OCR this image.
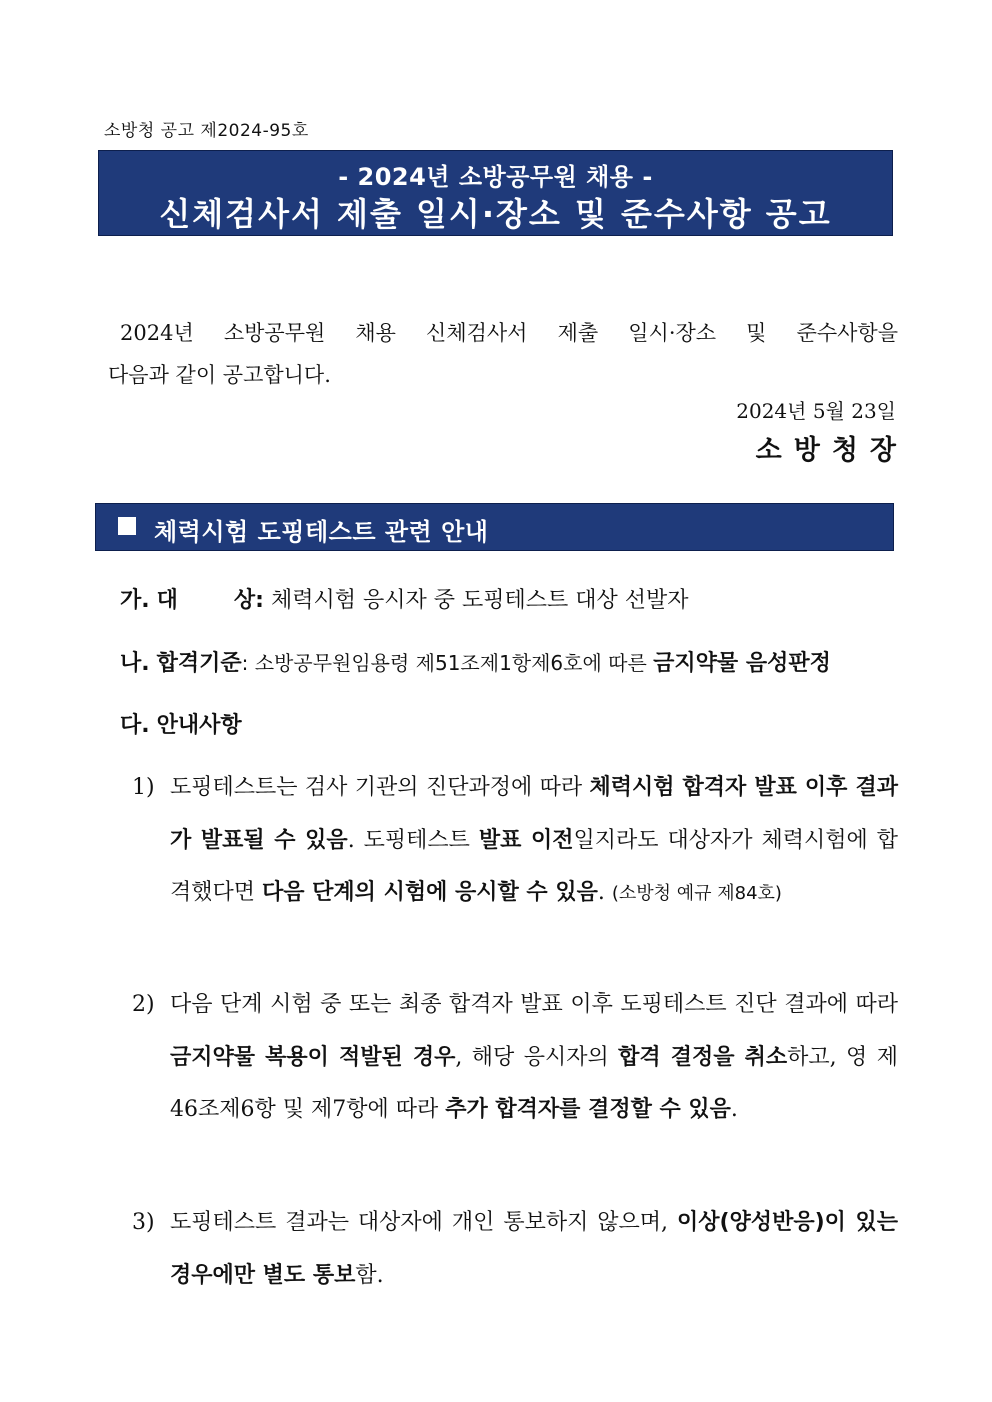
소방청 공고 제2024-95호
- 2024년 소방공무원 채용 -
신체검사서 제출 일시·장소 및 준수사항 공고
2024년 소방공무원 채용 신체검사서 제출 일시·장소 및 준수사항을
다음과 같이 공고합니다.
2024년 5월 23일
소방청장
체력시험 도핑테스트 관련 안내
가. 대	상: 체력시험 응시자 중 도핑테스트 대상 선발자
나. 합격기준: 소방공무원임용령 제51조제1항제6호에 따른 금지약물 음성판정
다. 안내사항
1) 도핑테스트는 검사 기관의 진단과정에 따라 체력시험 합격자 발표 이후 결과가 발표될 수 있음. 도핑테스트 발표 이전일지라도 대상자가 체력시험에 합격했다면 다음 단계의 시험에 응시할 수 있음. (소방청 예규 제84호)
2) 다음 단계 시험 중 또는 최종 합격자 발표 이후 도핑테스트 진단 결과에 따라 금지약물 복용이 적발된 경우, 해당 응시자의 합격 결정을 취소하고, 영 제46조제6항 및 제7항에 따라 추가 합격자를 결정할 수 있음.
3) 도핑테스트 결과는 대상자에 개인 통보하지 않으며, 이상(양성반응)이 있는 경우에만 별도 통보함.
